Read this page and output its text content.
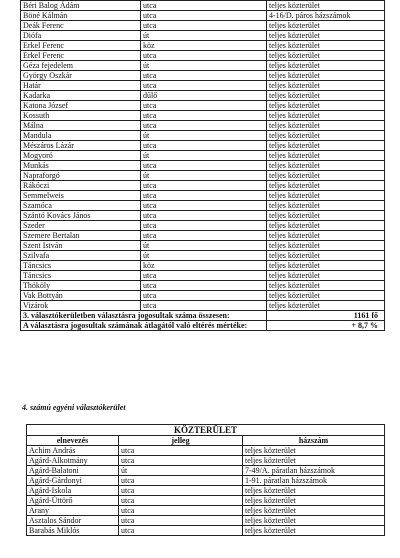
Béri Balog Ádám	utca	teljes közterület
Böné Kálmán	utca	4-16/D. páros házszámok
Deák Ferenc	utca	teljes közterület
Diófa	út	teljes közterület
Erkel Ferenc	köz	teljes közterület
Erkel Ferenc	utca	teljes közterület
Géza fejedelem	út	teljes közterület
György Oszkár	utca	teljes közterület
Határ	utca	teljes közterület
Kadarka	dűlő	teljes közterület
Katona József	utca	teljes közterület
Kossuth	utca	teljes közterület
Málna	utca	teljes közterület
Mandula	út	teljes közterület
Mészáros Lázár	utca	teljes közterület
Mogyoró	út	teljes közterület
Munkás	utca	teljes közterület
Napraforgó	út	teljes közterület
Rákóczi	utca	teljes közterület
Semmelweis	utca	teljes közterület
Szamóca	utca	teljes közterület
Szántó Kovács János	utca	teljes közterület
Szeder	utca	teljes közterület
Szemere Bertalan	utca	teljes közterület
Szent István	út	teljes közterület
Szilvafa	út	teljes közterület
Táncsics	köz	teljes közterület
Táncsics	utca	teljes közterület
Thököly	utca	teljes közterület
Vak Bottyán	utca	teljes közterület
Vizárok	utca	teljes közterület
3. választókerületben választásra jogosultak száma összesen:		1161 fő
A választásra jogosultak számának átlagától való eltérés mértéke:		+ 8,7 %
4. számú egyéni választókerület
KÖZTERÜLET		
elnevezés	jelleg	házszám
Achim András	utca	teljes közterület
Agárd-Alkotmány	utca	teljes közterület
Agárd-Balatoni	út	7-49/A. páratlan házszámok
Agárd-Gárdonyi	utca	1-91. páratlan házszámok
Agárd-Iskola	utca	teljes közterület
Agárd-Úttörő	utca	teljes közterület
Arany	utca	teljes közterület
Asztalos Sándor	utca	teljes közterület
Barabás Miklós	utca	teljes közterület
